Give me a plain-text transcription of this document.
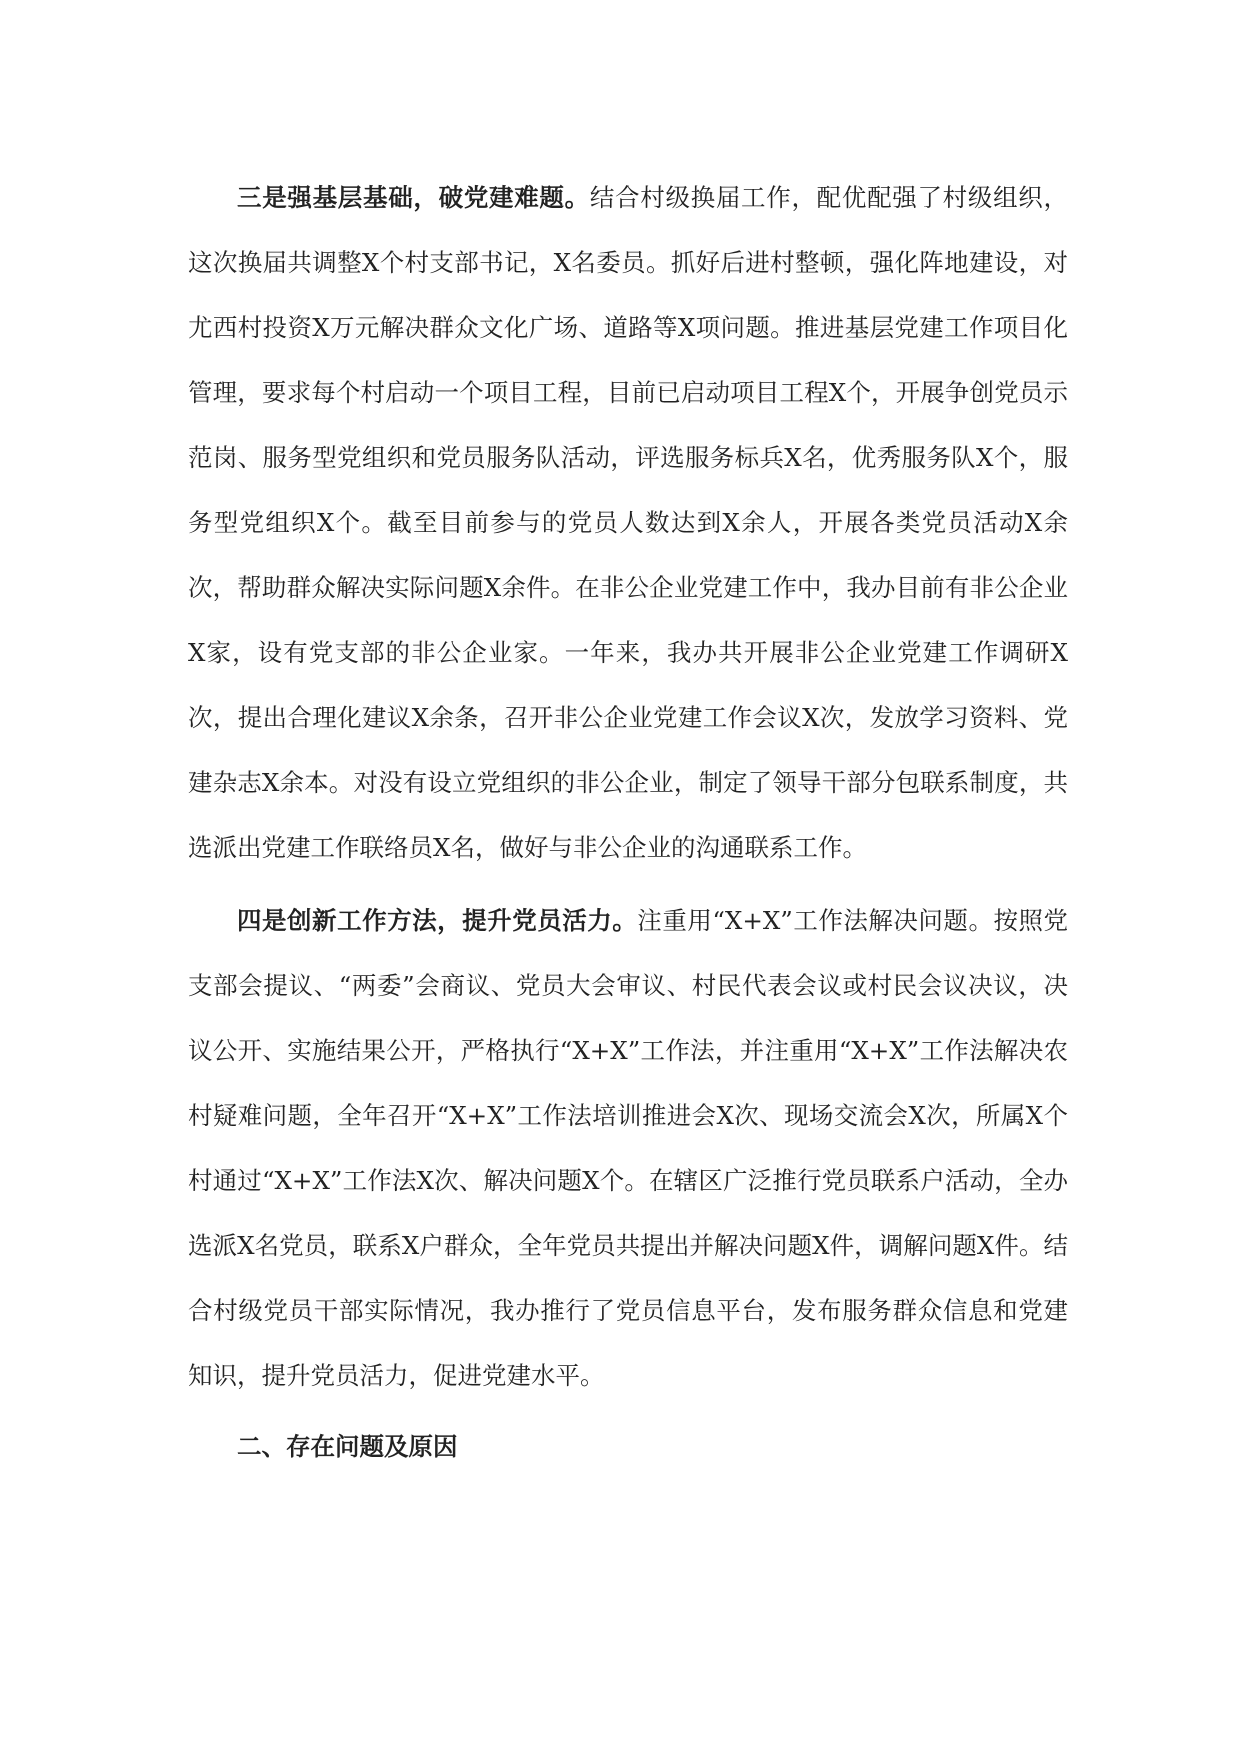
三是强基层基础，破党建难题。结合村级换届工作，配优配强了村级组织，这次换届共调整X个村支部书记，X名委员。抓好后进村整顿，强化阵地建设，对尤西村投资X万元解决群众文化广场、道路等X项问题。推进基层党建工作项目化管理，要求每个村启动一个项目工程，目前已启动项目工程X个，开展争创党员示范岗、服务型党组织和党员服务队活动，评选服务标兵X名，优秀服务队X个，服务型党组织X个。截至目前参与的党员人数达到X余人，开展各类党员活动X余次，帮助群众解决实际问题X余件。在非公企业党建工作中，我办目前有非公企业X家，设有党支部的非公企业家。一年来，我办共开展非公企业党建工作调研X次，提出合理化建议X余条，召开非公企业党建工作会议X次，发放学习资料、党建杂志X余本。对没有设立党组织的非公企业，制定了领导干部分包联系制度，共选派出党建工作联络员X名，做好与非公企业的沟通联系工作。

四是创新工作方法，提升党员活力。注重用“X+X”工作法解决问题。按照党支部会提议、“两委”会商议、党员大会审议、村民代表会议或村民会议决议，决议公开、实施结果公开，严格执行“X+X”工作法，并注重用“X+X”工作法解决农村疑难问题，全年召开“X+X”工作法培训推进会X次、现场交流会X次，所属X个村通过“X+X”工作法X次、解决问题X个。在辖区广泛推行党员联系户活动，全办选派X名党员，联系X户群众，全年党员共提出并解决问题X件，调解问题X件。结合村级党员干部实际情况，我办推行了党员信息平台，发布服务群众信息和党建知识，提升党员活力，促进党建水平。

二、存在问题及原因
